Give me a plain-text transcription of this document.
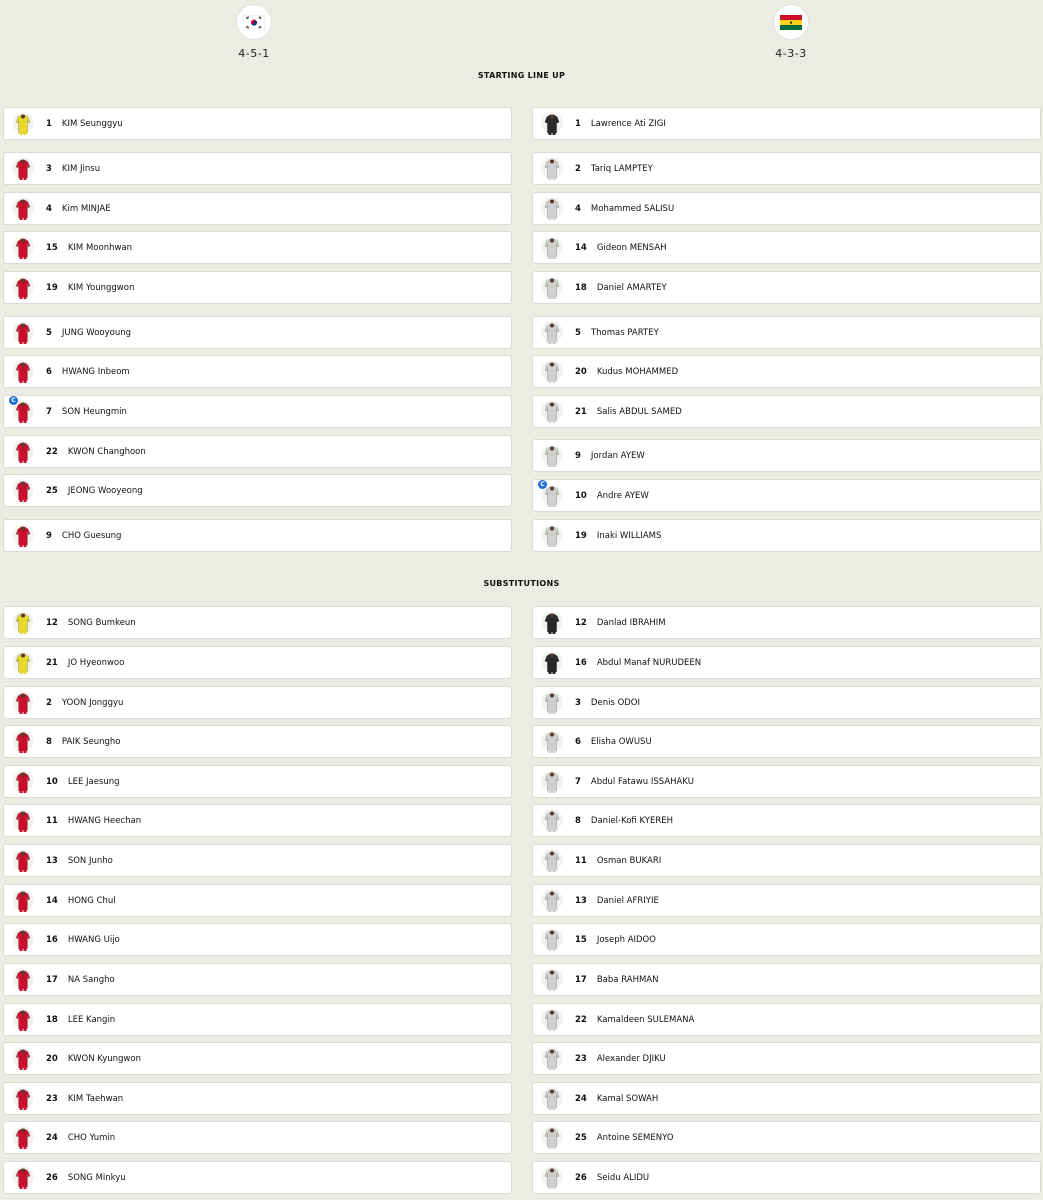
4-5-1	4-3-3
STARTING LINE UP
SUBSTITUTIONS
1 KIM Seunggyu
3 KIM Jinsu
4 Kim MINJAE
15 KIM Moonhwan
19 KIM Younggwon
5 JUNG Wooyoung
6 HWANG Inbeom
C
7 SON Heungmin
22 KWON Changhoon
25 JEONG Wooyeong
9 CHO Guesung
1 Lawrence Ati ZIGI
2 Tariq LAMPTEY
4 Mohammed SALISU
14 Gideon MENSAH
18 Daniel AMARTEY
5 Thomas PARTEY
20 Kudus MOHAMMED
21 Salis ABDUL SAMED
9 Jordan AYEW
C
10 Andre AYEW
19 Inaki WILLIAMS
12 SONG Bumkeun
21 JO Hyeonwoo
2 YOON Jonggyu
8 PAIK Seungho
10 LEE Jaesung
11 HWANG Heechan
13 SON Junho
14 HONG Chul
16 HWANG Uijo
17 NA Sangho
18 LEE Kangin
20 KWON Kyungwon
23 KIM Taehwan
24 CHO Yumin
26 SONG Minkyu
12 Danlad IBRAHIM
16 Abdul Manaf NURUDEEN
3 Denis ODOI
6 Elisha OWUSU
7 Abdul Fatawu ISSAHAKU
8 Daniel-Kofi KYEREH
11 Osman BUKARI
13 Daniel AFRIYIE
15 Joseph AIDOO
17 Baba RAHMAN
22 Kamaldeen SULEMANA
23 Alexander DJIKU
24 Kamal SOWAH
25 Antoine SEMENYO
26 Seidu ALIDU
